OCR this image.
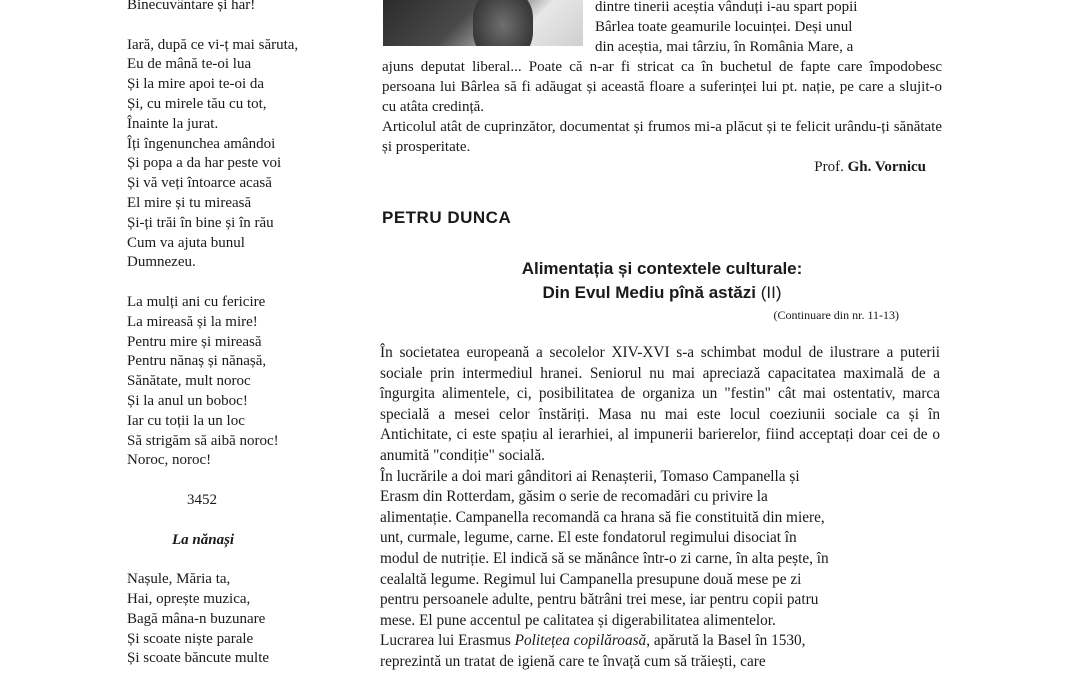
Binecuvântare și har!
Iară, după ce vi-ț mai săruta,
Eu de mână te-oi lua
Și la mire apoi te-oi da
Și, cu mirele tău cu tot,
Înainte la jurat.
Îți îngenunchea amândoi
Și popa a da har peste voi
Și vă veți întoarce acasă
El mire și tu mireasă
Și-ți trăi în bine și în rău
Cum va ajuta bunul
Dumnezeu.
La mulți ani cu fericire
La mireasă și la mire!
Pentru mire și mireasă
Pentru nănaș și nănașă,
Sănătate, mult noroc
Și la anul un boboc!
Iar cu toții la un loc
Să strigăm să aibă noroc!
Noroc, noroc!
3452
La nănași
Nașule, Măria ta,
Hai, oprește muzica,
Bagă mâna-n buzunare
Și scoate niște parale
Și scoate băncute multe
dintre tinerii aceștia vânduți i-au spart popii
Bârlea toate geamurile locuinței. Deși unul
din aceștia, mai târziu, în România Mare, a
ajuns deputat liberal... Poate că n-ar fi stricat ca în buchetul de fapte care împodobesc persoana lui Bârlea să fi adăugat și această floare a suferinței lui pt. nație, pe care a slujit-o cu atâta credință.
Articolul atât de cuprinzător, documentat și frumos mi-a plăcut și te felicit urându-ți sănătate și prosperitate.
Prof. Gh. Vornicu
PETRU DUNCA
Alimentația și contextele culturale:
Din Evul Mediu pînă astăzi (II)
(Continuare din nr. 11-13)

În societatea europeană a secolelor XIV-XVI s-a schimbat modul de ilustrare a puterii sociale prin intermediul hranei. Seniorul nu mai apreciază capacitatea maximală de a îngurgita alimentele, ci, posibilitatea de organiza un "festin" cât mai ostentativ, marca specială a mesei celor înstăriți. Masa nu mai este locul coeziunii sociale ca și în Antichitate, ci este spațiu al ierarhiei, al impunerii barierelor, fiind acceptați doar cei de o anumită "condiție" socială.

În lucrările a doi mari gânditori ai Renașterii, Tomaso Campanella și
Erasm din Rotterdam, găsim o serie de recomadări cu privire la
alimentație. Campanella recomandă ca hrana să fie constituită din miere,
unt, curmale, legume, carne. El este fondatorul regimului disociat în
modul de nutriție. El indică să se mănânce într-o zi carne, în alta pește, în
cealaltă legume. Regimul lui Campanella presupune două mese pe zi
pentru persoanele adulte, pentru bătrâni trei mese, iar pentru copii patru
mese. El pune accentul pe calitatea și digerabilitatea alimentelor.
Lucrarea lui Erasmus Politețea copilăroasă, apărută la Basel în 1530,
reprezintă un tratat de igienă care te învață cum să trăiești, care
